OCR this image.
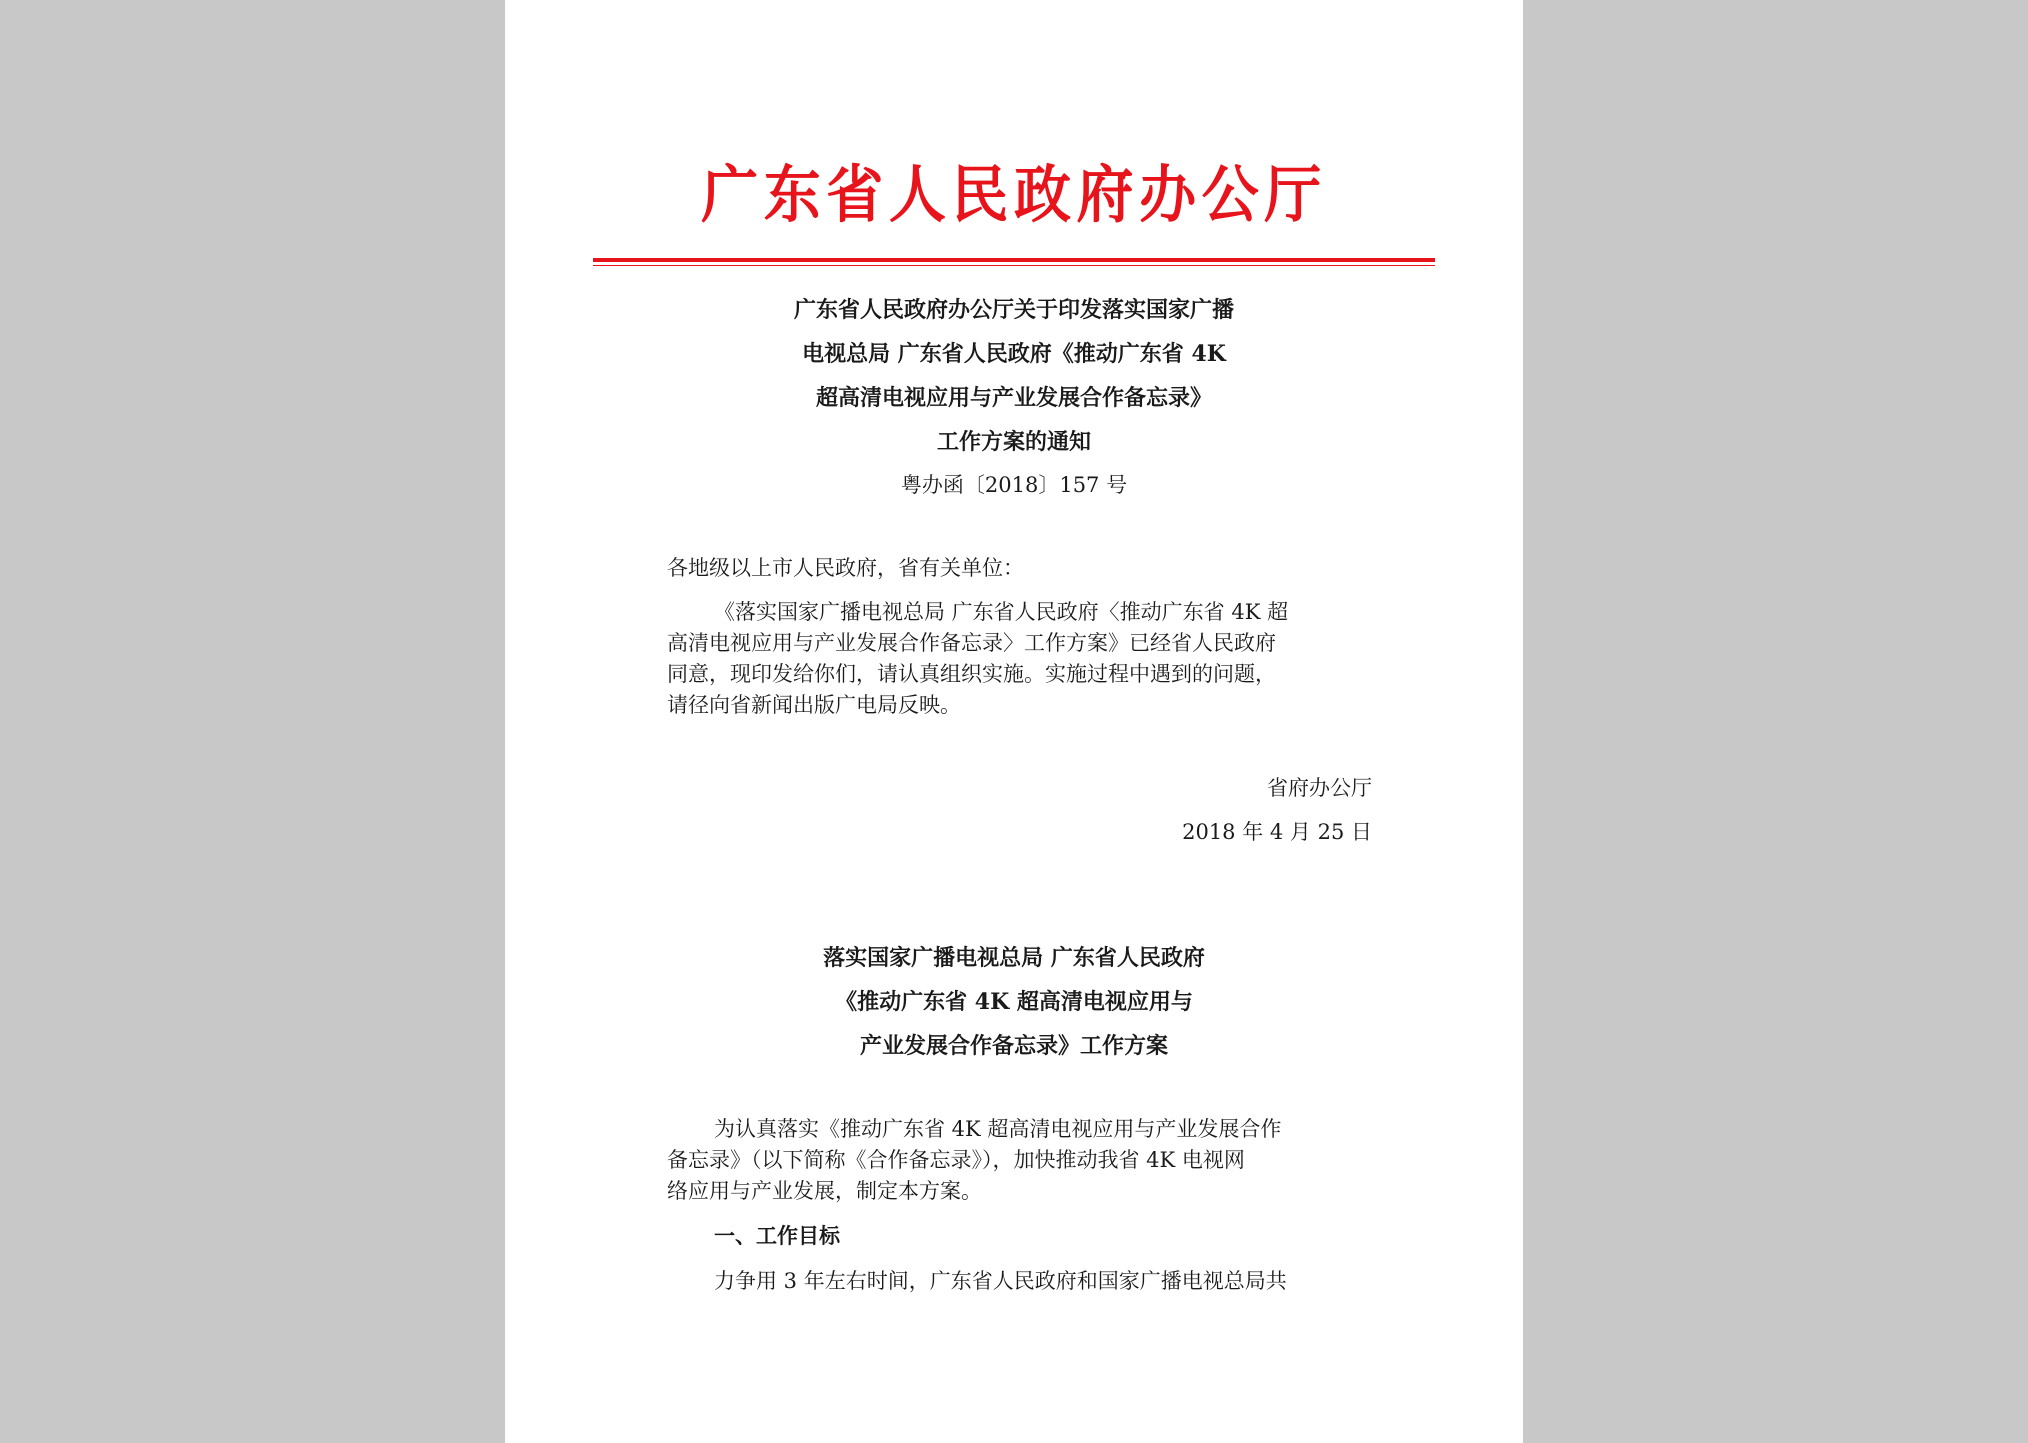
广东省人民政府办公厅
广东省人民政府办公厅关于印发落实国家广播
电视总局 广东省人民政府《推动广东省 4K
超高清电视应用与产业发展合作备忘录》
工作方案的通知
粤办函〔2018〕157 号
各地级以上市人民政府，省有关单位：
《落实国家广播电视总局 广东省人民政府〈推动广东省 4K 超
高清电视应用与产业发展合作备忘录〉工作方案》已经省人民政府
同意，现印发给你们，请认真组织实施。实施过程中遇到的问题，
请径向省新闻出版广电局反映。
省府办公厅
2018 年 4 月 25 日
落实国家广播电视总局 广东省人民政府
《推动广东省 4K 超高清电视应用与
产业发展合作备忘录》工作方案
为认真落实《推动广东省 4K 超高清电视应用与产业发展合作
备忘录》（以下简称《合作备忘录》），加快推动我省 4K 电视网
络应用与产业发展，制定本方案。
一、工作目标
力争用 3 年左右时间，广东省人民政府和国家广播电视总局共
